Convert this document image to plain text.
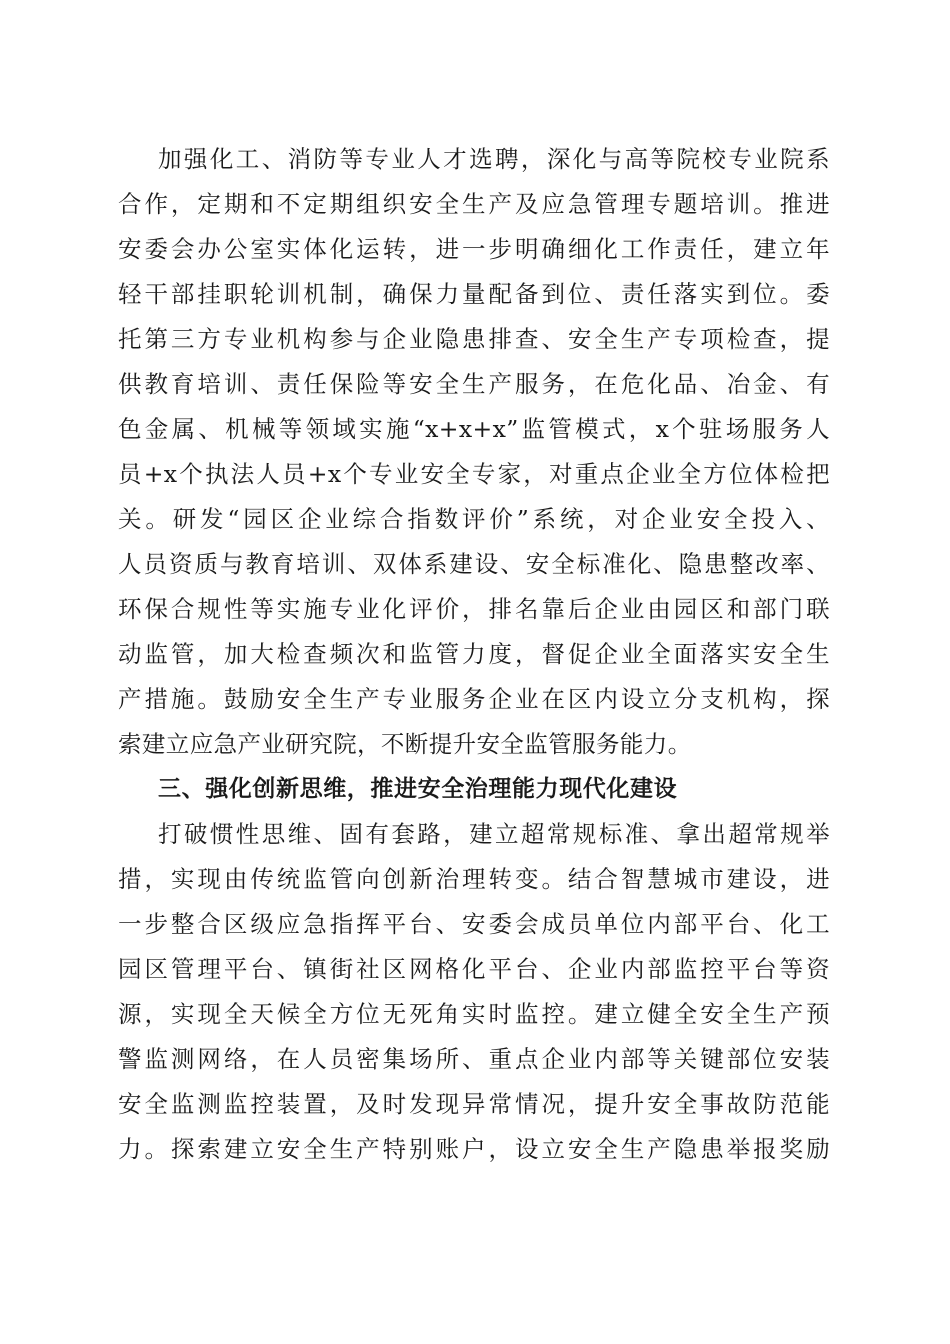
加强化工、消防等专业人才选聘，深化与高等院校专业院系
合作，定期和不定期组织安全生产及应急管理专题培训。推进
安委会办公室实体化运转，进一步明确细化工作责任，建立年
轻干部挂职轮训机制，确保力量配备到位、责任落实到位。委
托第三方专业机构参与企业隐患排查、安全生产专项检查，提
供教育培训、责任保险等安全生产服务，在危化品、冶金、有
色金属、机械等领域实施“x+x+x”监管模式，x个驻场服务人
员+x个执法人员+x个专业安全专家，对重点企业全方位体检把
关。研发“园区企业综合指数评价”系统，对企业安全投入、
人员资质与教育培训、双体系建设、安全标准化、隐患整改率、
环保合规性等实施专业化评价，排名靠后企业由园区和部门联
动监管，加大检查频次和监管力度，督促企业全面落实安全生
产措施。鼓励安全生产专业服务企业在区内设立分支机构，探
索建立应急产业研究院，不断提升安全监管服务能力。
三、强化创新思维，推进安全治理能力现代化建设
打破惯性思维、固有套路，建立超常规标准、拿出超常规举
措，实现由传统监管向创新治理转变。结合智慧城市建设，进
一步整合区级应急指挥平台、安委会成员单位内部平台、化工
园区管理平台、镇街社区网格化平台、企业内部监控平台等资
源，实现全天候全方位无死角实时监控。建立健全安全生产预
警监测网络，在人员密集场所、重点企业内部等关键部位安装
安全监测监控装置，及时发现异常情况，提升安全事故防范能
力。探索建立安全生产特别账户，设立安全生产隐患举报奖励
